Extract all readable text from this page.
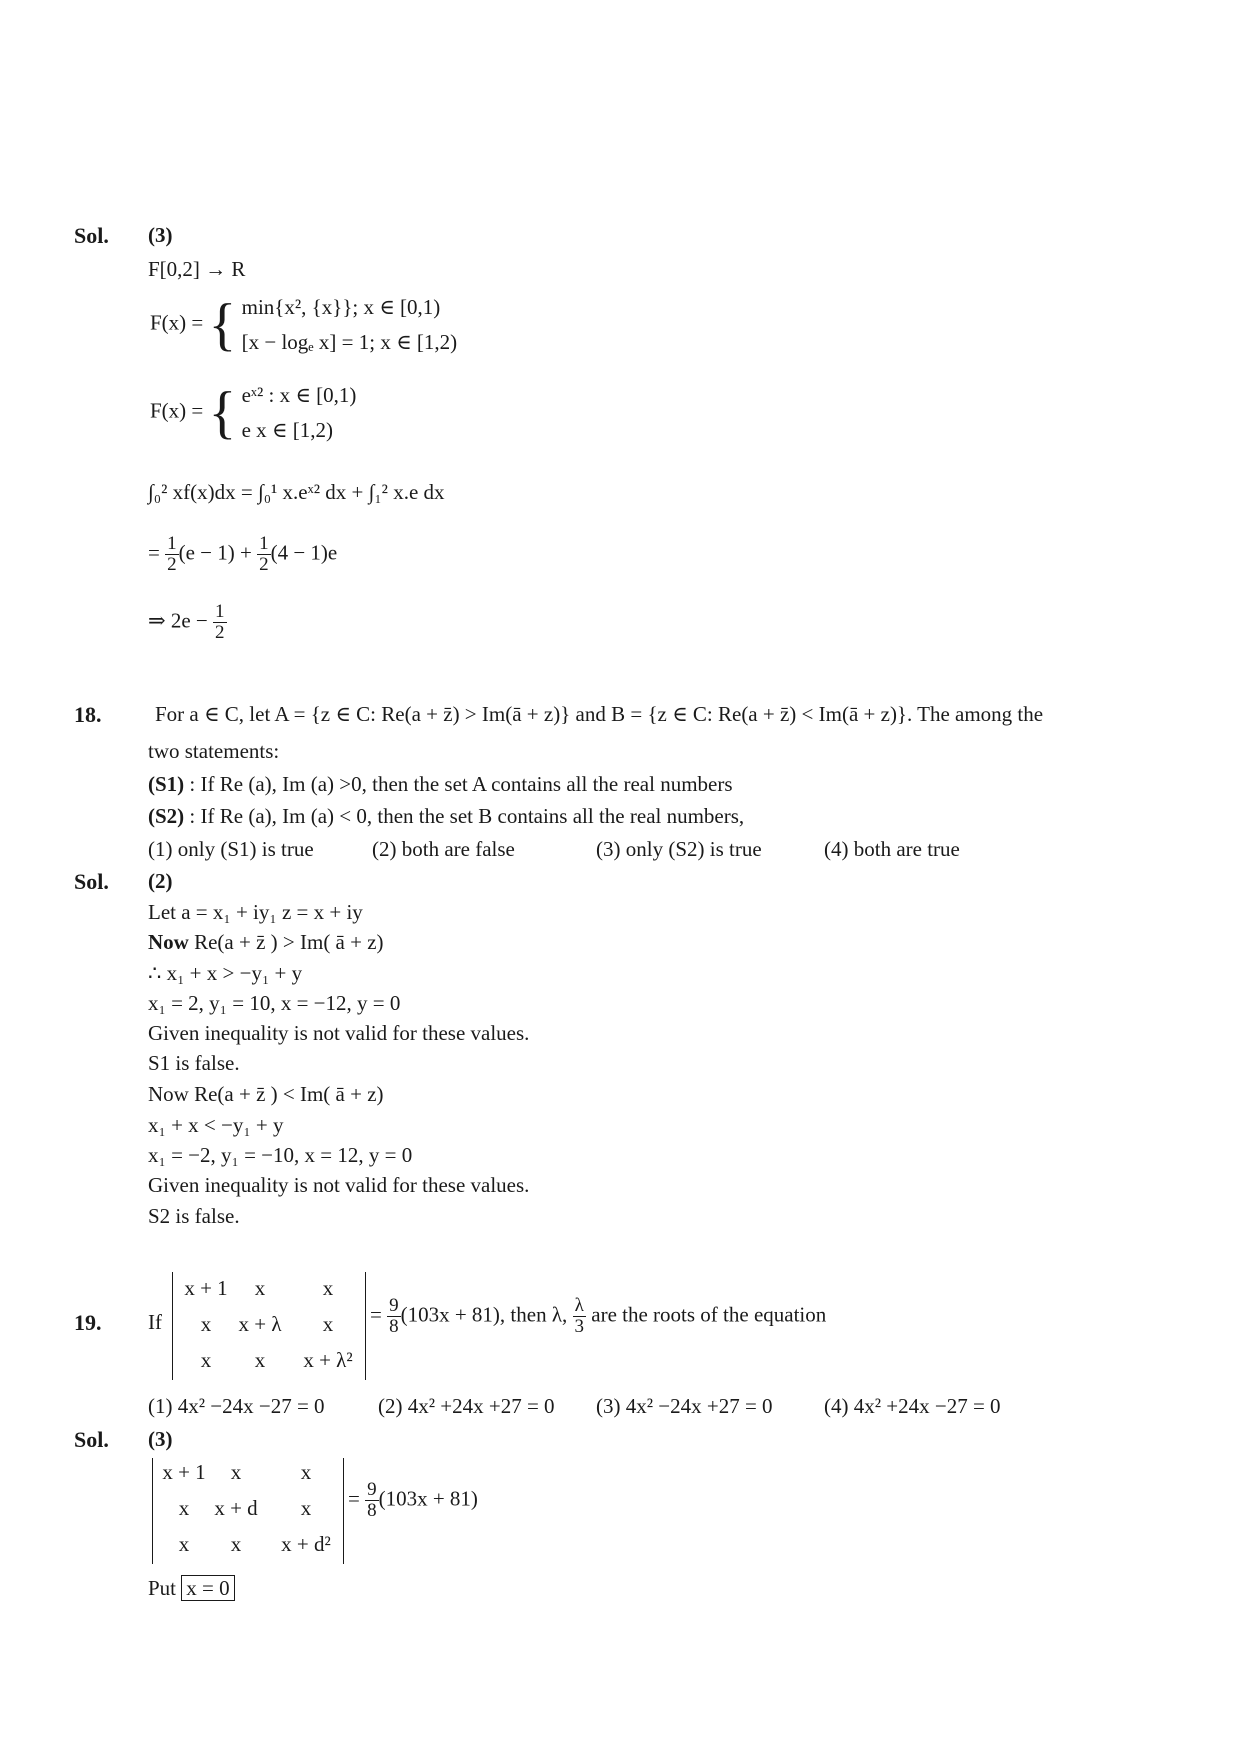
Sol. (3)
F[0,2] → R
F(x) = { min{x², {x}}; x ∈ [0,1)
[x − logₑ x] = 1; x ∈ [1,2)
F(x) = { eˣ² : x ∈ [0,1)
e x ∈ [1,2)
∫₀² xf(x)dx = ∫₀¹ x.eˣ² dx + ∫₁² x.e dx
= $\frac{1}{2} (e - 1) + \frac{1}{2} (4 - 1)e$
⇒ $2e - \frac{1}{2}$
18.	For a ∈ C, let A = {z ∈ C: Re(a + z̄) > Im(ā + z)} and B = {z ∈ C: Re(a + z̄) < Im(ā + z)}. The among the
two statements:
(S1) : If Re (a), Im (a) >0, then the set A contains all the real numbers
(S2) : If Re (a), Im (a) < 0, then the set B contains all the real numbers,
(1) only (S1) is true	(2) both are false	(3) only (S2) is true	(4) both are true
Sol. (2)
Let a = x₁ + iy₁ z = x + iy
Now Re(a + z̄ ) > Im( ā + z)
∴ x₁ + x > −y₁ + y
x₁ = 2, y₁ = 10, x = −12, y = 0
Given inequality is not valid for these values.
S1 is false.
Now Re(a + z̄ ) < Im( ā + z)
x₁ + x < −y₁ + y
x₁ = −2, y₁ = −10, x = 12, y = 0
Given inequality is not valid for these values.
S2 is false.
19. If
x + 1	x	x
x	x + λ	x
x	x	x + λ²
= $\frac{9}{8} (103x + 81)$, then λ, $\frac{\lambda}{3}$ are the roots of the equation
(1) 4x² −24x −27 = 0	(2) 4x² +24x +27 = 0 (3) 4x² −24x +27 = 0 (4) 4x² +24x −27 = 0
Sol. (3)
x + 1	x	x
x	x + d	x
x	x	x + d²
= $\frac{9}{8} (103x + 81)$
Put x = 0
